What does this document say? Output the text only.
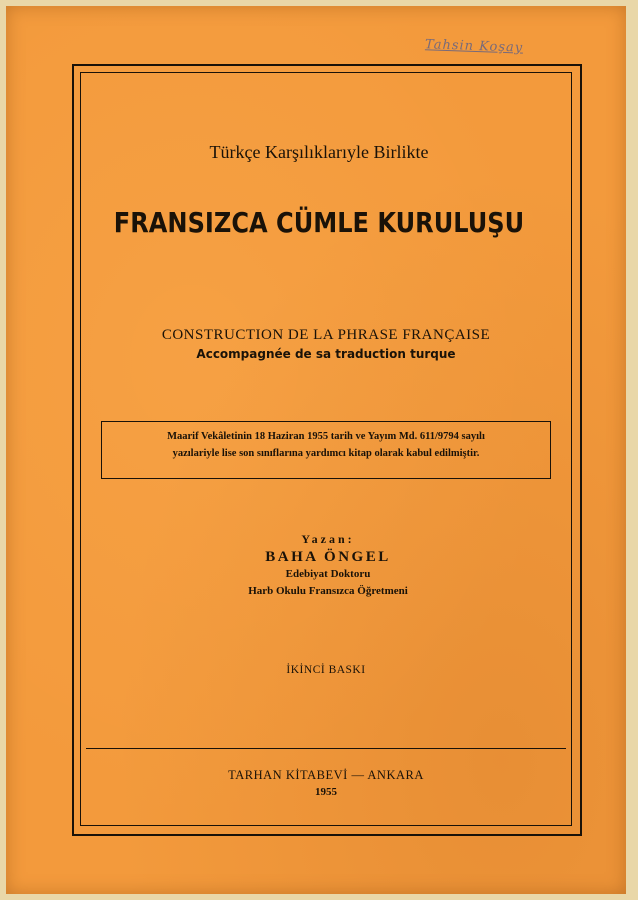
Tahsin Koşay
Türkçe Karşılıklarıyle Birlikte
FRANSIZCA CÜMLE KURULUŞU
CONSTRUCTION DE LA PHRASE FRANÇAISE
Accompagnée de sa traduction turque
Maarif Vekâletinin 18 Haziran 1955 tarih ve Yayım Md. 611/9794 sayılı
yazılariyle lise son sınıflarına yardımcı kitap olarak kabul edilmiştir.
Yazan:
BAHA ÖNGEL
Edebiyat Doktoru
Harb Okulu Fransızca Öğretmeni
İKİNCİ BASKI
TARHAN KİTABEVİ — ANKARA
1955
